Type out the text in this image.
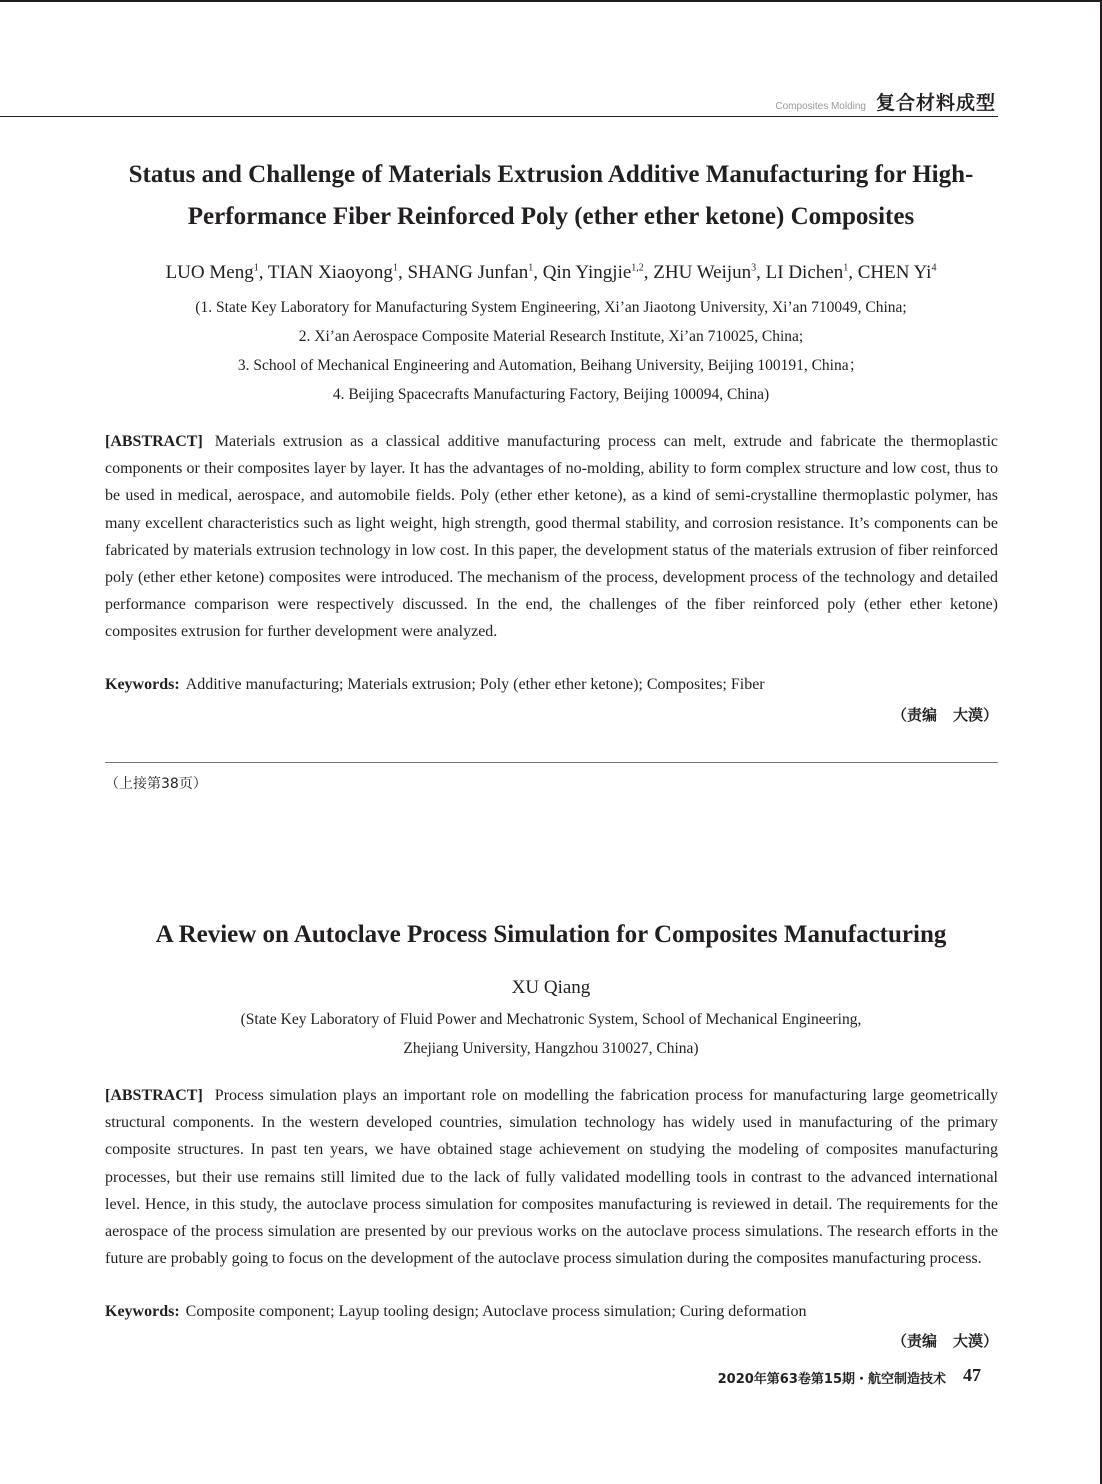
Composites Molding 复合材料成型
Status and Challenge of Materials Extrusion Additive Manufacturing for High-
Performance Fiber Reinforced Poly (ether ether ketone) Composites
LUO Meng$^1$, TIAN Xiaoyong$^1$, SHANG Junfan$^1$, Qin Yingjie$^{1,2}$, ZHU Weijun$^3$, LI Dichen$^1$, CHEN Yi$^4$
(1. State Key Laboratory for Manufacturing System Engineering, Xi’an Jiaotong University, Xi’an 710049, China;
2. Xi’an Aerospace Composite Material Research Institute, Xi’an 710025, China;
3. School of Mechanical Engineering and Automation, Beihang University, Beijing 100191, China；
4. Beijing Spacecrafts Manufacturing Factory, Beijing 100094, China)
[ABSTRACT] Materials extrusion as a classical additive manufacturing process can melt, extrude and fabricate the thermoplastic components or their composites layer by layer. It has the advantages of no-molding, ability to form complex structure and low cost, thus to be used in medical, aerospace, and automobile fields. Poly (ether ether ketone), as a kind of semi-crystalline thermoplastic polymer, has many excellent characteristics such as light weight, high strength, good thermal stability, and corrosion resistance. It’s components can be fabricated by materials extrusion technology in low cost. In this paper, the development status of the materials extrusion of fiber reinforced poly (ether ether ketone) composites were introduced. The mechanism of the process, development process of the technology and detailed performance comparison were respectively discussed. In the end, the challenges of the fiber reinforced poly (ether ether ketone) composites extrusion for further development were analyzed.
Keywords: Additive manufacturing; Materials extrusion; Poly (ether ether ketone); Composites; Fiber
（责编 大漠）
（上接第38页）
A Review on Autoclave Process Simulation for Composites Manufacturing
XU Qiang
(State Key Laboratory of Fluid Power and Mechatronic System, School of Mechanical Engineering,
Zhejiang University, Hangzhou 310027, China)
[ABSTRACT] Process simulation plays an important role on modelling the fabrication process for manufacturing large geometrically structural components. In the western developed countries, simulation technology has widely used in manufacturing of the primary composite structures. In past ten years, we have obtained stage achievement on studying the modeling of composites manufacturing processes, but their use remains still limited due to the lack of fully validated modelling tools in contrast to the advanced international level. Hence, in this study, the autoclave process simulation for composites manufacturing is reviewed in detail. The requirements for the aerospace of the process simulation are presented by our previous works on the autoclave process simulations. The research efforts in the future are probably going to focus on the development of the autoclave process simulation during the composites manufacturing process.
Keywords: Composite component; Layup tooling design; Autoclave process simulation; Curing deformation
（责编 大漠）
2020年第63卷第15期・航空制造技术 47
